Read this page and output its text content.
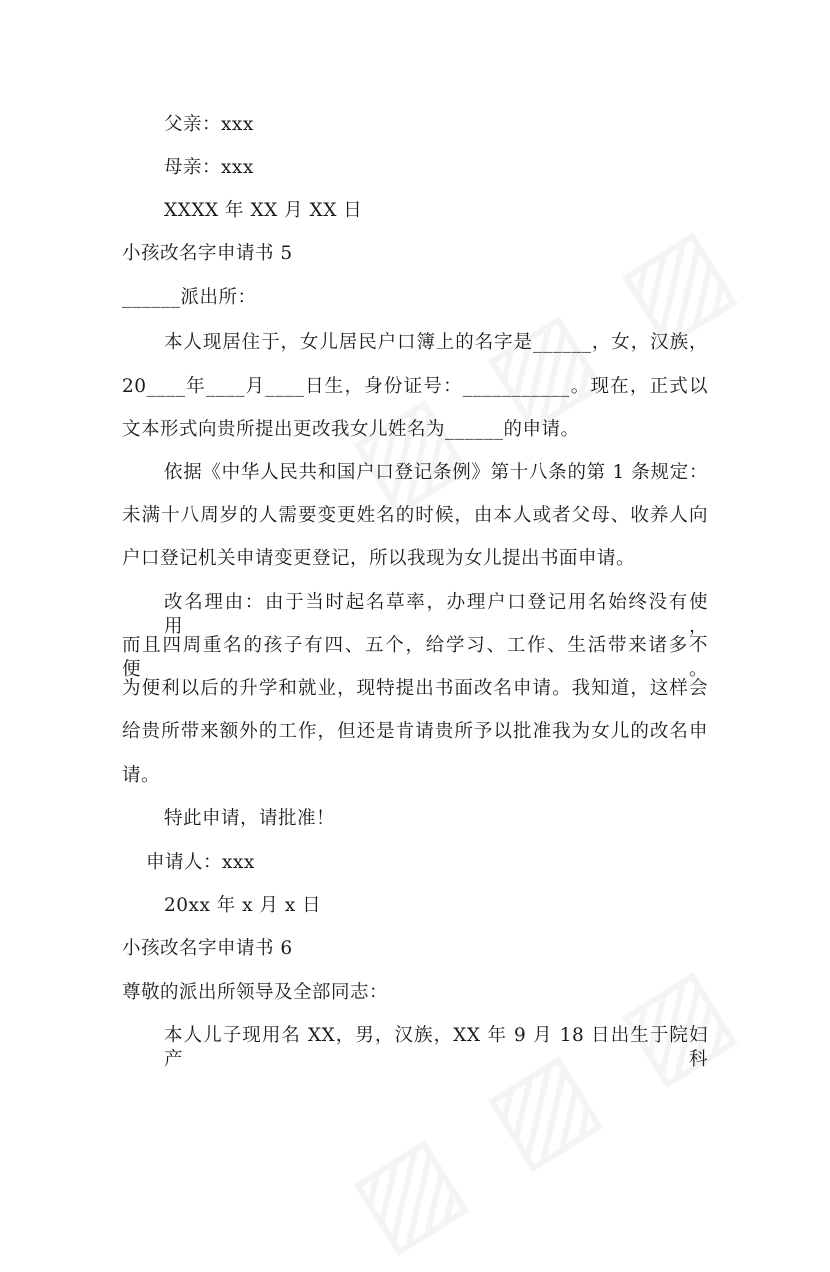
父亲：xxx
母亲：xxx
XXXX 年 XX 月 XX 日
小孩改名字申请书 5
______派出所：
本人现居住于，女儿居民户口簿上的名字是______，女，汉族，
20____年____月____日生，身份证号：___________。现在，正式以
文本形式向贵所提出更改我女儿姓名为______的申请。
依据《中华人民共和国户口登记条例》第十八条的第 1 条规定：
未满十八周岁的人需要变更姓名的时候，由本人或者父母、收养人向
户口登记机关申请变更登记，所以我现为女儿提出书面申请。
改名理由：由于当时起名草率，办理户口登记用名始终没有使用，
而且四周重名的孩子有四、五个，给学习、工作、生活带来诸多不便。
为便利以后的升学和就业，现特提出书面改名申请。我知道，这样会
给贵所带来额外的工作，但还是肯请贵所予以批准我为女儿的改名申
请。
特此申请，请批准！
申请人：xxx
20xx 年 x 月 x 日
小孩改名字申请书 6
尊敬的派出所领导及全部同志：
本人儿子现用名 XX，男，汉族，XX 年 9 月 18 日出生于院妇产科
